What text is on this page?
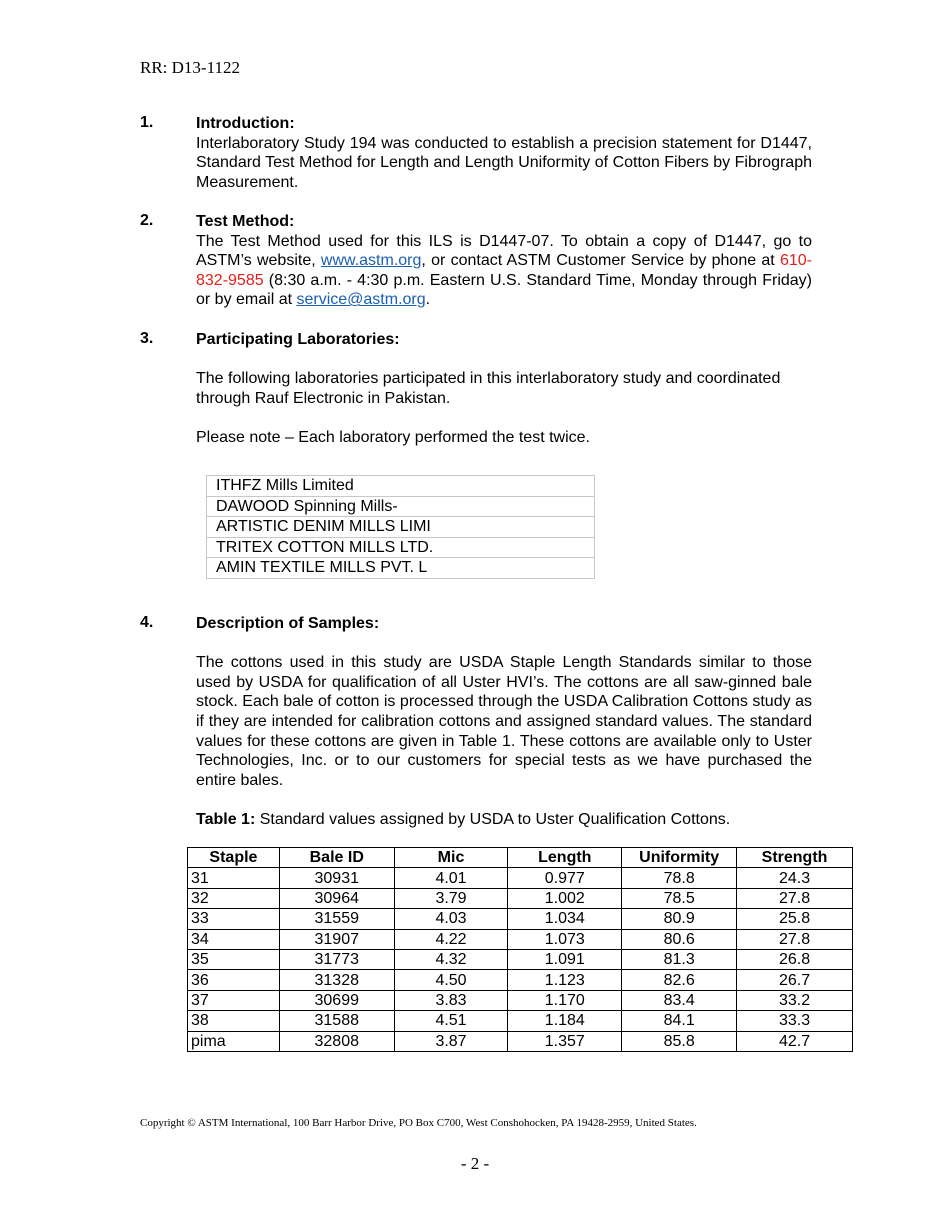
RR: D13-1122
1.	Introduction:
Interlaboratory Study 194 was conducted to establish a precision statement for D1447, Standard Test Method for Length and Length Uniformity of Cotton Fibers by Fibrograph Measurement.
2.	Test Method:
The Test Method used for this ILS is D1447-07. To obtain a copy of D1447, go to ASTM’s website, www.astm.org, or contact ASTM Customer Service by phone at 610-832-9585 (8:30 a.m. - 4:30 p.m. Eastern U.S. Standard Time, Monday through Friday) or by email at service@astm.org.
3.	Participating Laboratories:
The following laboratories participated in this interlaboratory study and coordinated through Rauf Electronic in Pakistan.
Please note – Each laboratory performed the test twice.
ITHFZ Mills Limited
DAWOOD Spinning Mills-
ARTISTIC DENIM MILLS LIMI
TRITEX COTTON MILLS LTD.
AMIN TEXTILE MILLS PVT. L
4.	Description of Samples:
The cottons used in this study are USDA Staple Length Standards similar to those used by USDA for qualification of all Uster HVI’s. The cottons are all saw-ginned bale stock. Each bale of cotton is processed through the USDA Calibration Cottons study as if they are intended for calibration cottons and assigned standard values. The standard values for these cottons are given in Table 1. These cottons are available only to Uster Technologies, Inc. or to our customers for special tests as we have purchased the entire bales.
Table 1: Standard values assigned by USDA to Uster Qualification Cottons.
Staple	Bale ID	Mic	Length	Uniformity	Strength
31	30931	4.01	0.977	78.8	24.3
32	30964	3.79	1.002	78.5	27.8
33	31559	4.03	1.034	80.9	25.8
34	31907	4.22	1.073	80.6	27.8
35	31773	4.32	1.091	81.3	26.8
36	31328	4.50	1.123	82.6	26.7
37	30699	3.83	1.170	83.4	33.2
38	31588	4.51	1.184	84.1	33.3
pima	32808	3.87	1.357	85.8	42.7
Copyright © ASTM International, 100 Barr Harbor Drive, PO Box C700, West Conshohocken, PA 19428-2959, United States.
- 2 -
